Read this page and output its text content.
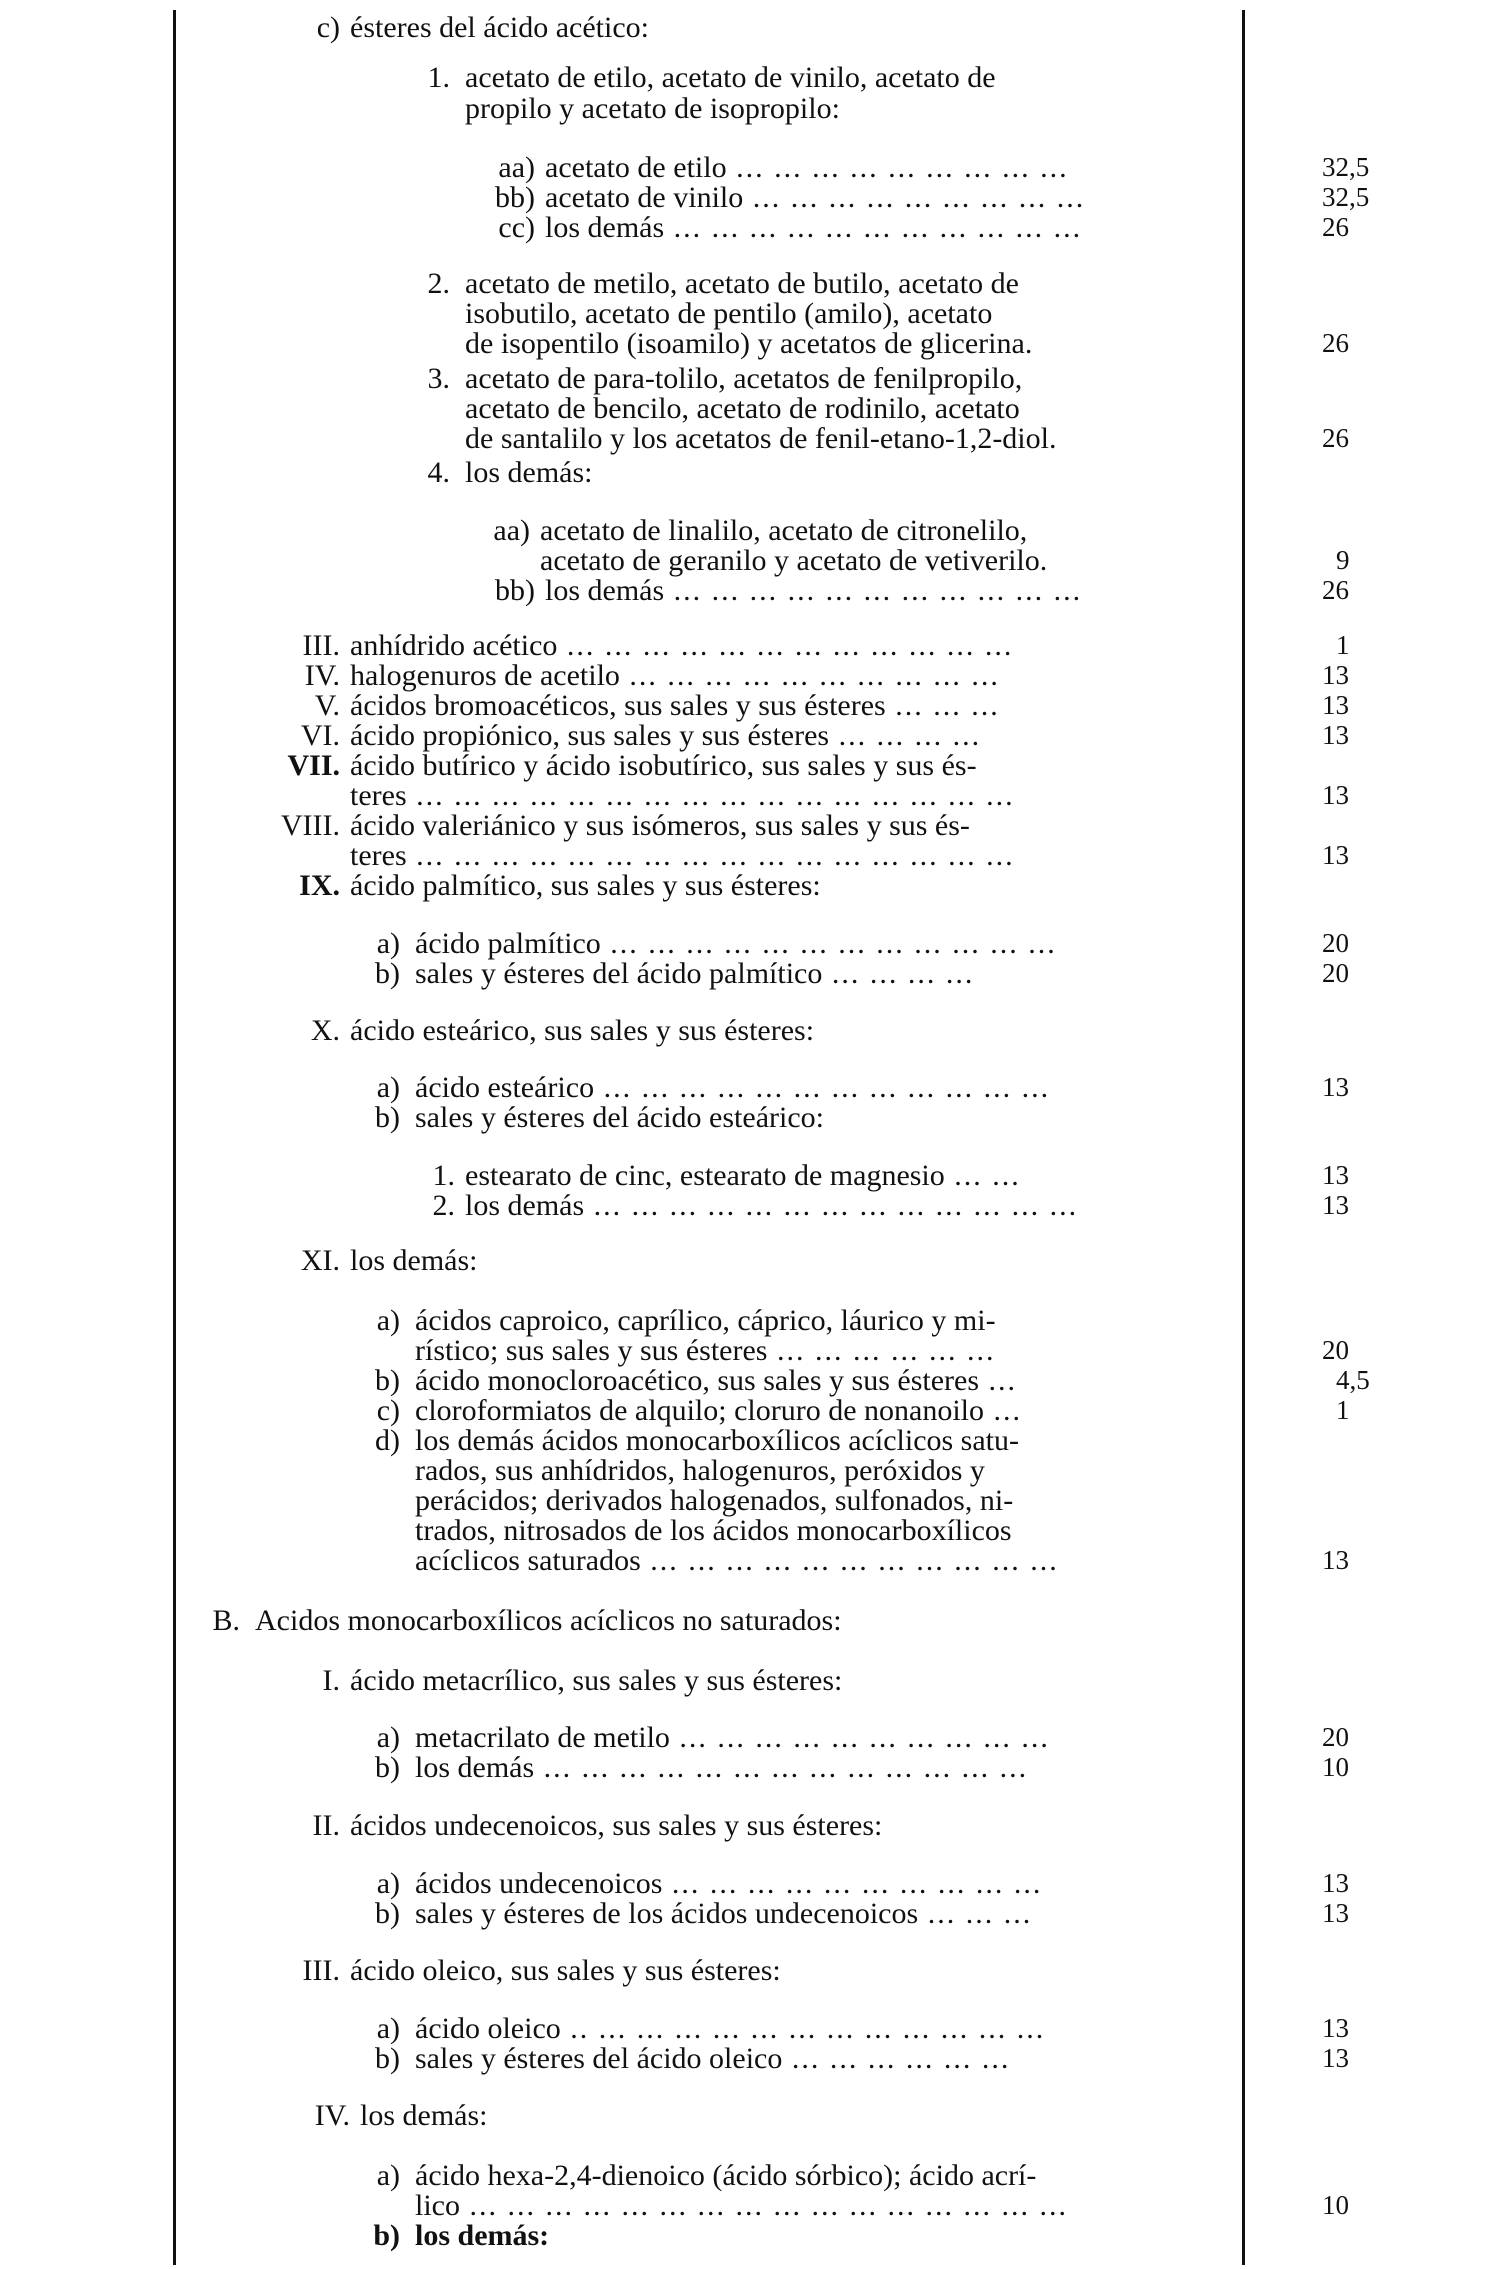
c) ésteres del ácido acético:
1. acetato de etilo, acetato de vinilo, acetato de
propilo y acetato de isopropilo:
aa) acetato de etilo ... ... ... ... ... ... ... ... ...
bb) acetato de vinilo ... ... ... ... ... ... ... ... ...
cc) los demás ... ... ... ... ... ... ... ... ... ... ...
2. acetato de metilo, acetato de butilo, acetato de
isobutilo, acetato de pentilo (amilo), acetato
de isopentilo (isoamilo) y acetatos de glicerina.
3. acetato de para-tolilo, acetatos de fenilpropilo,
acetato de bencilo, acetato de rodinilo, acetato
de santalilo y los acetatos de fenil-etano-1,2-diol.
4. los demás:
aa) acetato de linalilo, acetato de citronelilo,
acetato de geranilo y acetato de vetiverilo.
bb) los demás ... ... ... ... ... ... ... ... ... ... ...
III. anhídrido acético ... ... ... ... ... ... ... ... ... ... ... ...
IV. halogenuros de acetilo ... ... ... ... ... ... ... ... ... ...
V. ácidos bromoacéticos, sus sales y sus ésteres ... ... ...
VI. ácido propiónico, sus sales y sus ésteres ... ... ... ...
VII. ácido butírico y ácido isobutírico, sus sales y sus és-
teres ... ... ... ... ... ... ... ... ... ... ... ... ... ... ... ...
VIII. ácido valeriánico y sus isómeros, sus sales y sus és-
teres ... ... ... ... ... ... ... ... ... ... ... ... ... ... ... ...
IX. ácido palmítico, sus sales y sus ésteres:
a) ácido palmítico ... ... ... ... ... ... ... ... ... ... ... ...
b) sales y ésteres del ácido palmítico ... ... ... ...
X. ácido esteárico, sus sales y sus ésteres:
a) ácido esteárico ... ... ... ... ... ... ... ... ... ... ... ...
b) sales y ésteres del ácido esteárico:
1. estearato de cinc, estearato de magnesio ... ...
2. los demás ... ... ... ... ... ... ... ... ... ... ... ... ...
XI. los demás:
a) ácidos caproico, caprílico, cáprico, láurico y mi-
rístico; sus sales y sus ésteres ... ... ... ... ... ...
b) ácido monocloroacético, sus sales y sus ésteres ...
c) cloroformiatos de alquilo; cloruro de nonanoilo ...
d) los demás ácidos monocarboxílicos acíclicos satu-
rados, sus anhídridos, halogenuros, peróxidos y
perácidos; derivados halogenados, sulfonados, ni-
trados, nitrosados de los ácidos monocarboxílicos
acíclicos saturados ... ... ... ... ... ... ... ... ... ... ...
B. Acidos monocarboxílicos acíclicos no saturados:
I. ácido metacrílico, sus sales y sus ésteres:
a) metacrilato de metilo ... ... ... ... ... ... ... ... ... ...
b) los demás ... ... ... ... ... ... ... ... ... ... ... ... ...
II. ácidos undecenoicos, sus sales y sus ésteres:
a) ácidos undecenoicos ... ... ... ... ... ... ... ... ... ...
b) sales y ésteres de los ácidos undecenoicos ... ... ...
III. ácido oleico, sus sales y sus ésteres:
a) ácido oleico .. ... ... ... ... ... ... ... ... ... ... ... ...
b) sales y ésteres del ácido oleico ... ... ... ... ... ...
IV. los demás:
a) ácido hexa-2,4-dienoico (ácido sórbico); ácido acrí-
lico ... ... ... ... ... ... ... ... ... ... ... ... ... ... ... ...
b) los demás:
32,5
32,5
26
26
26
9
26
1
13
13
13
13
13
20
20
13
13
13
20
4,5
1
13
20
10
13
13
13
13
10
